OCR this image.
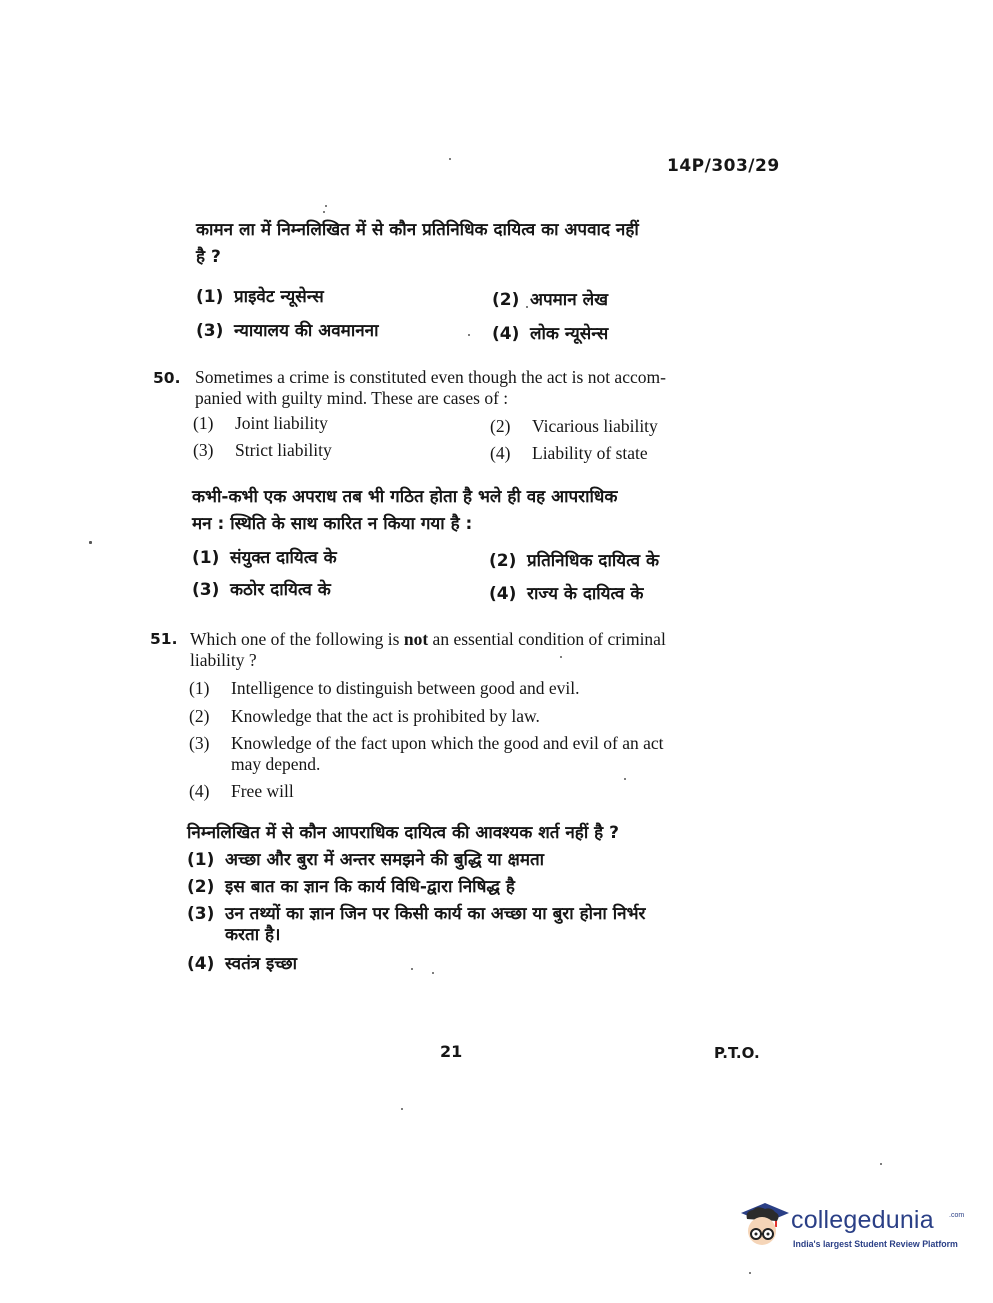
14P/303/29
कामन ला में निम्नलिखित में से कौन प्रतिनिधिक दायित्व का अपवाद नहीं
है ?
(1) प्राइवेट न्यूसेन्स	(2) अपमान लेख
(3) न्यायालय की अवमानना	(4) लोक न्यूसेन्स
50. Sometimes a crime is constituted even though the act is not accom-
panied with guilty mind. These are cases of :
(1) Joint liability	(2) Vicarious liability
(3) Strict liability	(4) Liability of state
कभी-कभी एक अपराध तब भी गठित होता है भले ही वह आपराधिक
मन : स्थिति के साथ कारित न किया गया है :
(1) संयुक्त दायित्व के	(2) प्रतिनिधिक दायित्व के
(3) कठोर दायित्व के	(4) राज्य के दायित्व के
51. Which one of the following is not an essential condition of criminal
liability ?
(1) Intelligence to distinguish between good and evil.
(2) Knowledge that the act is prohibited by law.
(3) Knowledge of the fact upon which the good and evil of an act
may depend.
(4) Free will
निम्नलिखित में से कौन आपराधिक दायित्व की आवश्यक शर्त नहीं है ?
(1) अच्छा और बुरा में अन्तर समझने की बुद्धि या क्षमता
(2) इस बात का ज्ञान कि कार्य विधि-द्वारा निषिद्ध है
(3) उन तथ्यों का ज्ञान जिन पर किसी कार्य का अच्छा या बुरा होना निर्भर
करता है।
(4) स्वतंत्र इच्छा
21	P.T.O.
collegedunia .com
India's largest Student Review Platform
